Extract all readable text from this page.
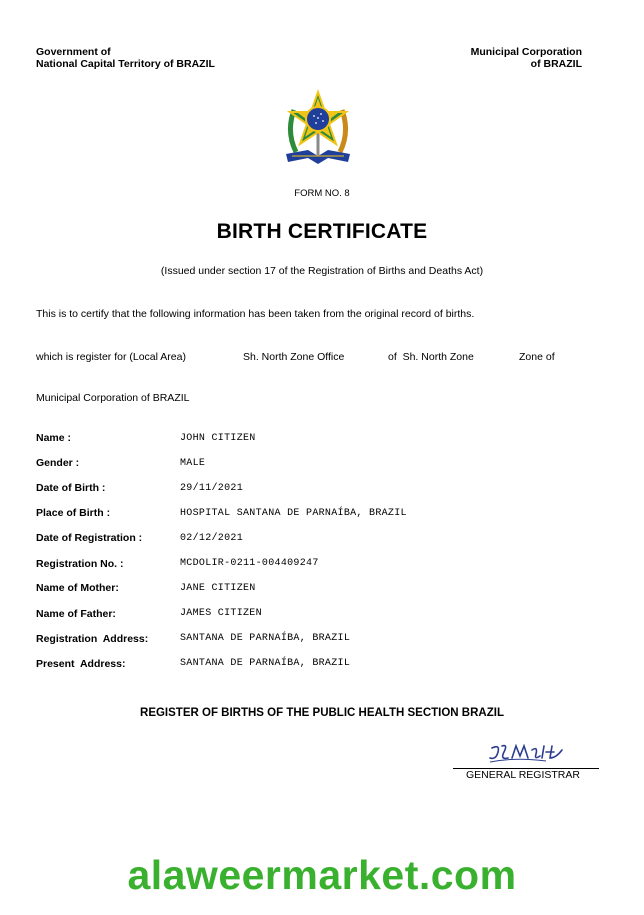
Government of
National Capital Territory of BRAZIL
Municipal Corporation
of BRAZIL
FORM NO. 8
BIRTH CERTIFICATE
(Issued under section 17 of the Registration of Births and Deaths Act)
This is to certify that the following information has been taken from the original record of births.
which is register for (Local Area)	Sh. North Zone Office	of  Sh. North Zone	Zone of
Municipal Corporation of BRAZIL
Name :	JOHN CITIZEN
Gender :	MALE
Date of Birth :	29/11/2021
Place of Birth :	HOSPITAL SANTANA DE PARNAÍBA, BRAZIL
Date of Registration :	02/12/2021
Registration No. :	MCDOLIR-0211-004409247
Name of Mother:	JANE CITIZEN
Name of Father:	JAMES CITIZEN
Registration  Address:	SANTANA DE PARNAÍBA, BRAZIL
Present  Address:	SANTANA DE PARNAÍBA, BRAZIL
REGISTER OF BIRTHS OF THE PUBLIC HEALTH SECTION BRAZIL
GENERAL REGISTRAR
alaweermarket.com
